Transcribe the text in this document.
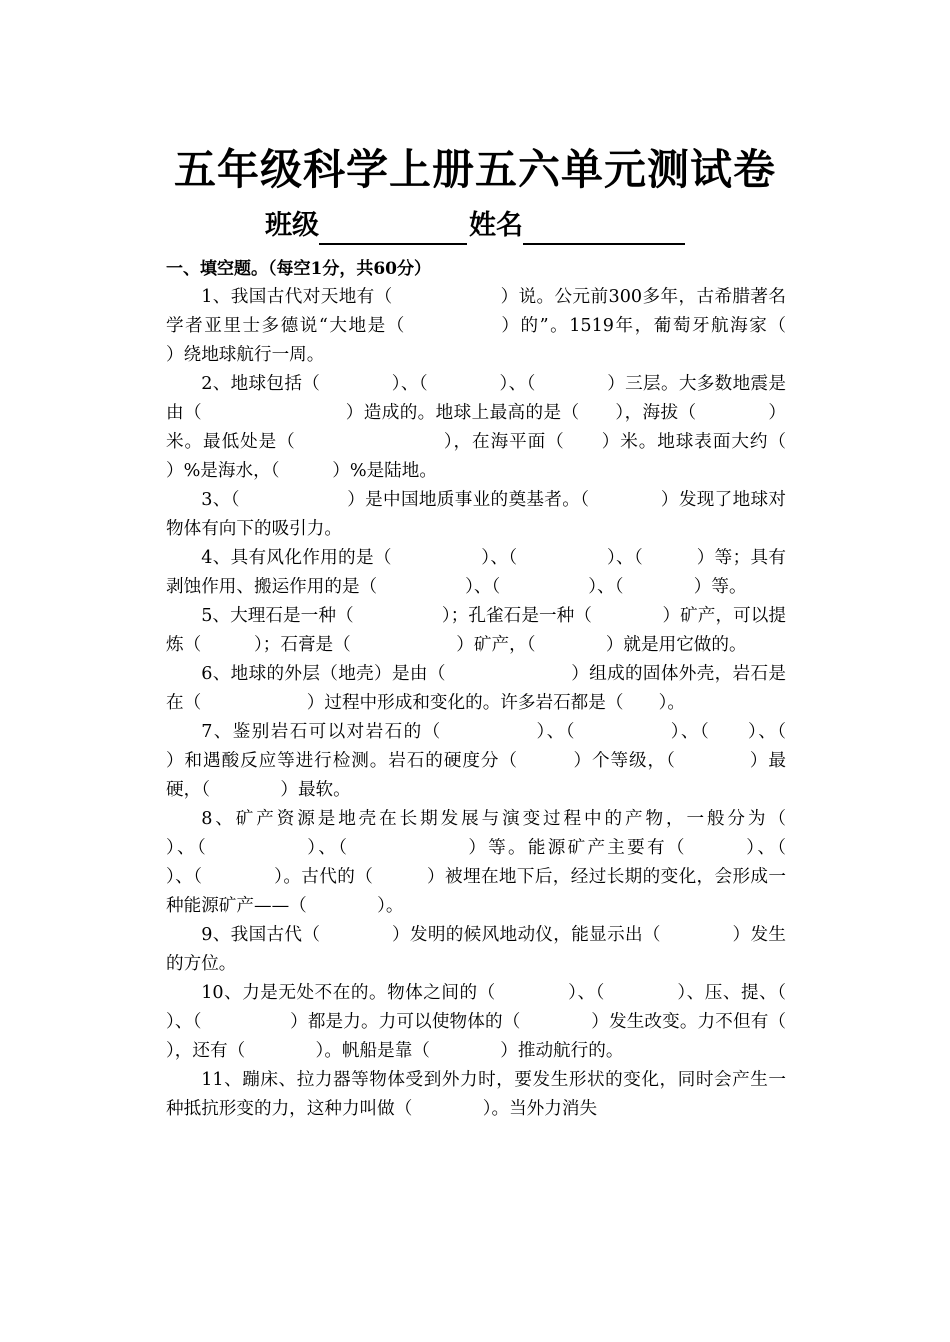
五年级科学上册五六单元测试卷
班级	姓名
一、填空题。（每空1分，共60分）

1、我国古代对天地有（　　　　　　）说。公元前300多年，古希腊著名学者亚里士多德说“大地是（　　　　　）的”。1519年，葡萄牙航海家（　　　　　　）绕地球航行一周。

2、地球包括（　　　　）、（　　　　）、（　　　　）三层。大多数地震是由（　　　　　　　　）造成的。地球上最高的是（　　），海拔（　　　　）米。最低处是（　　　　　　　　），在海平面（　　）米。地球表面大约（　　　）%是海水，（　　　）%是陆地。

3、（　　　　　　）是中国地质事业的奠基者。（　　　　）发现了地球对物体有向下的吸引力。

4、具有风化作用的是（　　　　　）、（　　　　　）、（　　　）等；具有剥蚀作用、搬运作用的是（　　　　　）、（　　　　　）、（　　　　）等。

5、大理石是一种（　　　　　）；孔雀石是一种（　　　　）矿产，可以提炼（　　　）；石膏是（　　　　　　）矿产，（　　　　）就是用它做的。

6、地球的外层（地壳）是由（　　　　　　　）组成的固体外壳，岩石是在（　　　　　　）过程中形成和变化的。许多岩石都是（　　）。

7、鉴别岩石可以对岩石的（　　　　　）、（　　　　　）、（　　）、（　　　　　）和遇酸反应等进行检测。岩石的硬度分（　　　）个等级，（　　　　）最硬，（　　　　）最软。

8、矿产资源是地壳在长期发展与演变过程中的产物，一般分为（　　　　　）、（　　　　　）、（　　　　　　）等。能源矿产主要有（　　　）、（　　　）、（　　　　）。古代的（　　　）被埋在地下后，经过长期的变化，会形成一种能源矿产——（　　　　）。

9、我国古代（　　　　）发明的候风地动仪，能显示出（　　　　）发生的方位。

10、力是无处不在的。物体之间的（　　　　）、（　　　　）、压、提、（　　　　　）、（　　　　　）都是力。力可以使物体的（　　　　）发生改变。力不但有（　　　　），还有（　　　　）。帆船是靠（　　　　）推动航行的。

11、蹦床、拉力器等物体受到外力时，要发生形状的变化，同时会产生一种抵抗形变的力，这种力叫做（　　　　）。当外力消失
